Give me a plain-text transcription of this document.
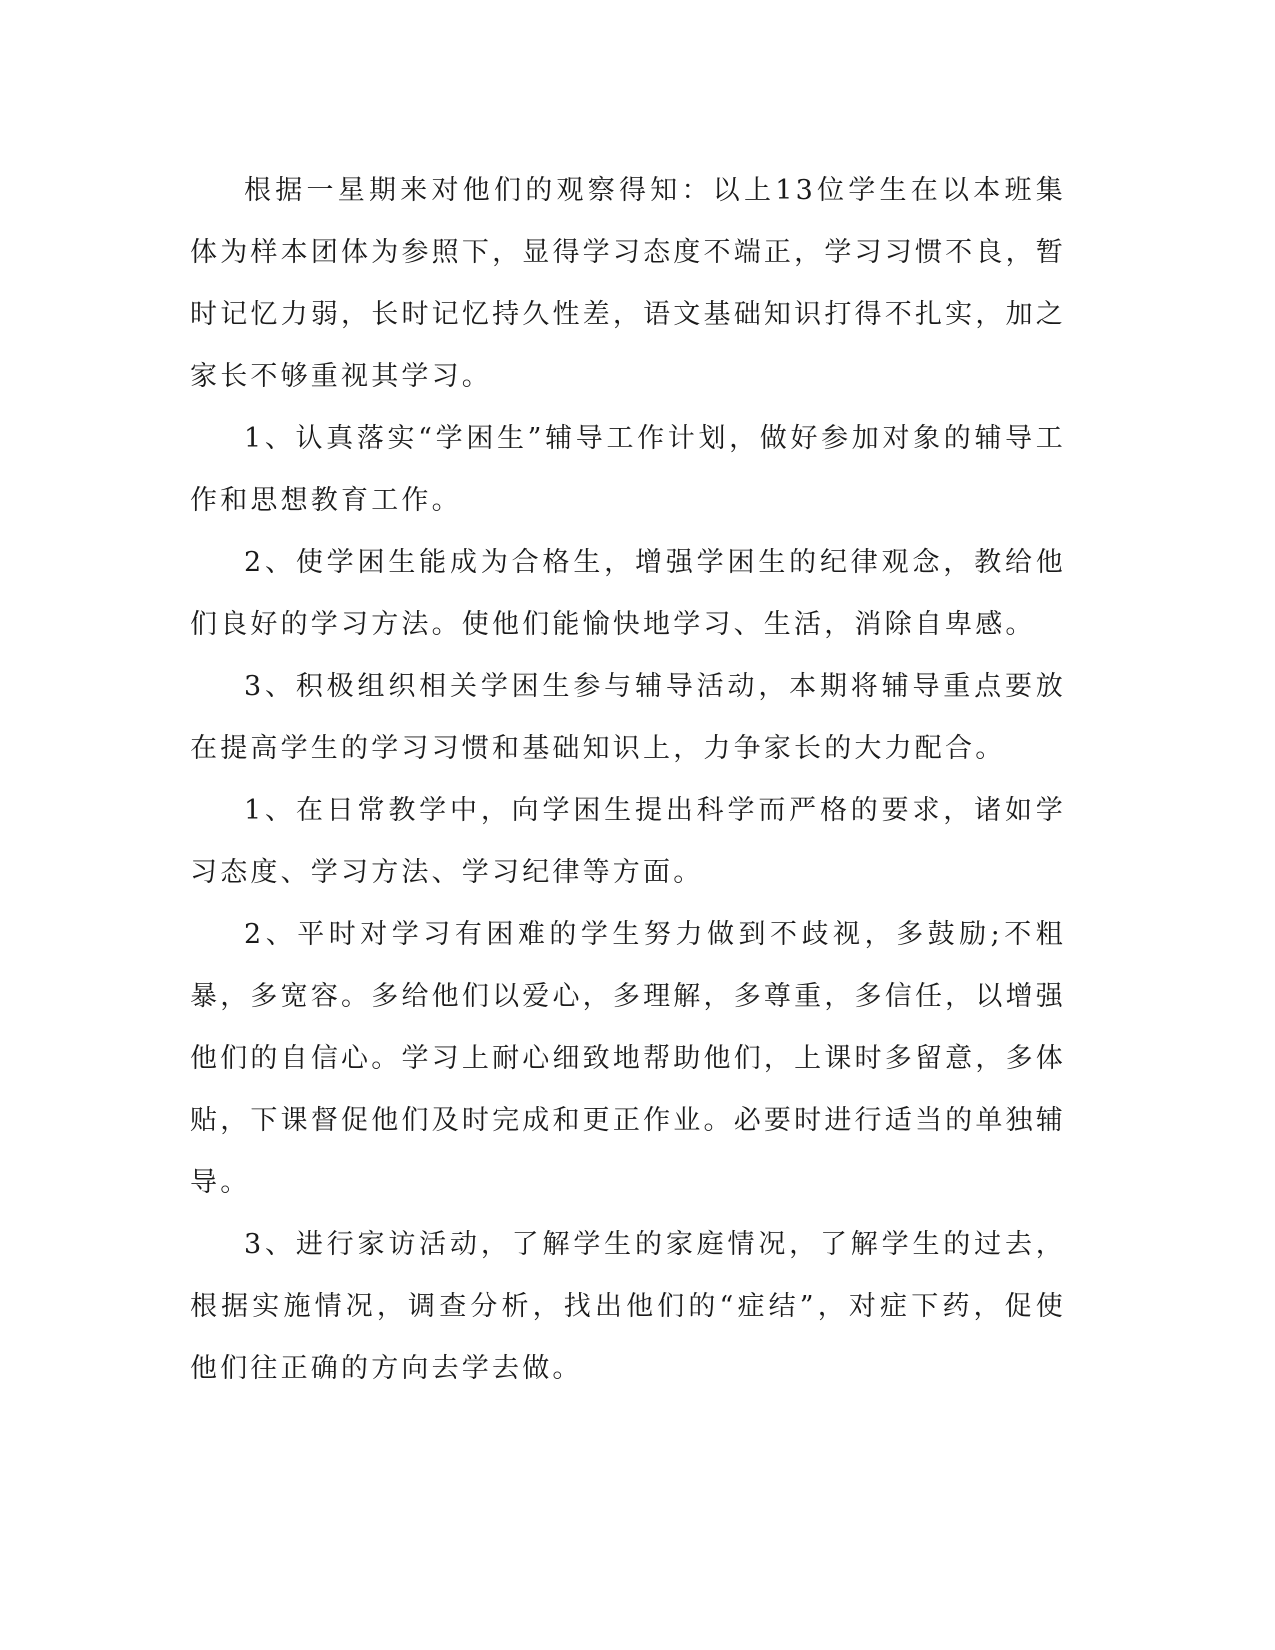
根据一星期来对他们的观察得知：以上13位学生在以本班集体为样本团体为参照下，显得学习态度不端正，学习习惯不良，暂时记忆力弱，长时记忆持久性差，语文基础知识打得不扎实，加之家长不够重视其学习。

1、认真落实“学困生”辅导工作计划，做好参加对象的辅导工作和思想教育工作。

2、使学困生能成为合格生，增强学困生的纪律观念，教给他们良好的学习方法。使他们能愉快地学习、生活，消除自卑感。

3、积极组织相关学困生参与辅导活动，本期将辅导重点要放在提高学生的学习习惯和基础知识上，力争家长的大力配合。

1、在日常教学中，向学困生提出科学而严格的要求，诸如学习态度、学习方法、学习纪律等方面。

2、平时对学习有困难的学生努力做到不歧视，多鼓励;不粗暴，多宽容。多给他们以爱心，多理解，多尊重，多信任，以增强他们的自信心。学习上耐心细致地帮助他们，上课时多留意，多体贴，下课督促他们及时完成和更正作业。必要时进行适当的单独辅导。

3、进行家访活动，了解学生的家庭情况，了解学生的过去，根据实施情况，调查分析，找出他们的“症结”，对症下药，促使他们往正确的方向去学去做。
